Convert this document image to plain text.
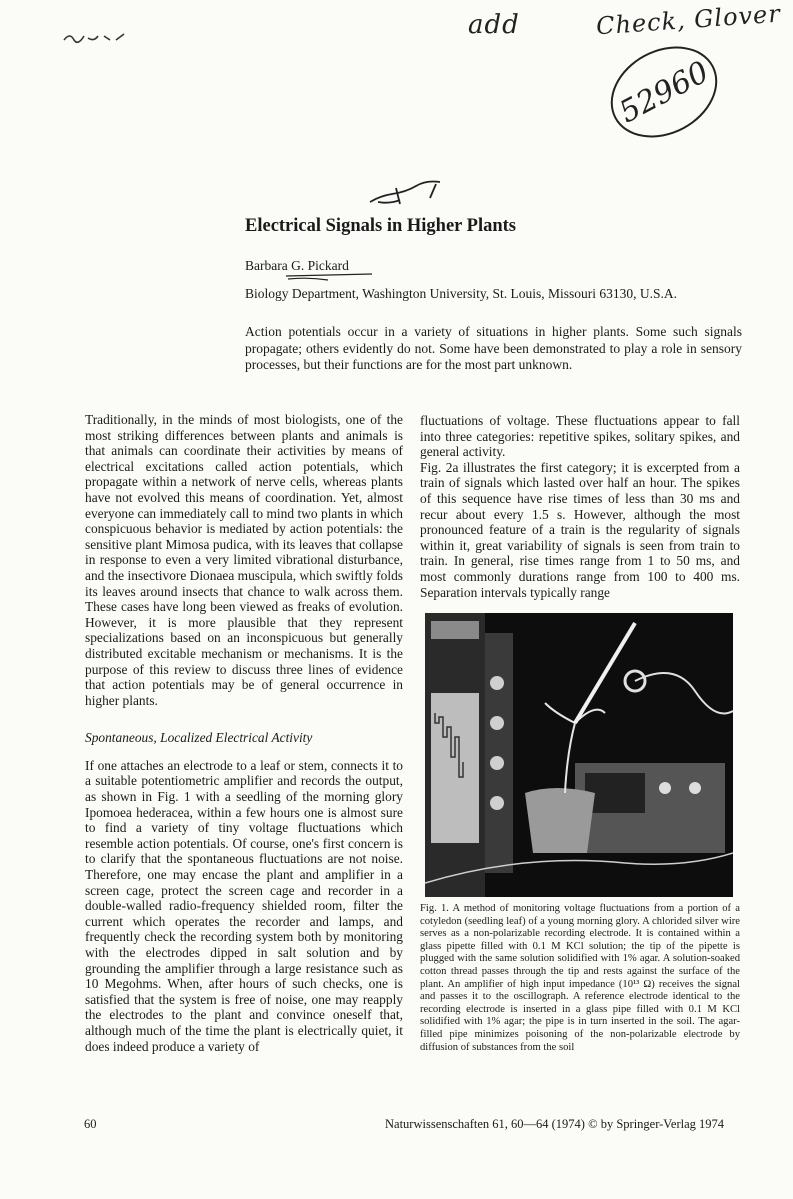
add	Check, Glover
52960
Electrical Signals in Higher Plants
Barbara G. Pickard
Biology Department, Washington University, St. Louis, Missouri 63130, U.S.A.
Action potentials occur in a variety of situations in higher plants. Some such signals propagate; others evidently do not. Some have been demonstrated to play a role in sensory processes, but their functions are for the most part unknown.

Traditionally, in the minds of most biologists, one of the most striking differences between plants and animals is that animals can coordinate their activities by means of electrical excitations called action potentials, which propagate within a network of nerve cells, whereas plants have not evolved this means of coordination. Yet, almost everyone can immediately call to mind two plants in which conspicuous behavior is mediated by action potentials: the sensitive plant Mimosa pudica, with its leaves that collapse in response to even a very limited vibrational disturbance, and the insectivore Dionaea muscipula, which swiftly folds its leaves around insects that chance to walk across them. These cases have long been viewed as freaks of evolution. However, it is more plausible that they represent specializations based on an inconspicuous but generally distributed excitable mechanism or mechanisms. It is the purpose of this review to discuss three lines of evidence that action potentials may be of general occurrence in higher plants.

Spontaneous, Localized Electrical Activity

If one attaches an electrode to a leaf or stem, connects it to a suitable potentiometric amplifier and records the output, as shown in Fig. 1 with a seedling of the morning glory Ipomoea hederacea, within a few hours one is almost sure to find a variety of tiny voltage fluctuations which resemble action potentials. Of course, one's first concern is to clarify that the spontaneous fluctuations are not noise. Therefore, one may encase the plant and amplifier in a screen cage, protect the screen cage and recorder in a double-walled radio-frequency shielded room, filter the current which operates the recorder and lamps, and frequently check the recording system both by monitoring with the electrodes dipped in salt solution and by grounding the amplifier through a large resistance such as 10 Megohms. When, after hours of such checks, one is satisfied that the system is free of noise, one may reapply the electrodes to the plant and convince oneself that, although much of the time the plant is electrically quiet, it does indeed produce a variety of

fluctuations of voltage. These fluctuations appear to fall into three categories: repetitive spikes, solitary spikes, and general activity.

Fig. 2a illustrates the first category; it is excerpted from a train of signals which lasted over half an hour. The spikes of this sequence have rise times of less than 30 ms and recur about every 1.5 s. However, although the most pronounced feature of a train is the regularity of signals within it, great variability of signals is seen from train to train. In general, rise times range from 1 to 50 ms, and most commonly durations range from 100 to 400 ms. Separation intervals typically range

Fig. 1. A method of monitoring voltage fluctuations from a portion of a cotyledon (seedling leaf) of a young morning glory. A chlorided silver wire serves as a non-polarizable recording electrode. It is contained within a glass pipette filled with 0.1 M KCl solution; the tip of the pipette is plugged with the same solution solidified with 1% agar. A solution-soaked cotton thread passes through the tip and rests against the surface of the plant. An amplifier of high input impedance (10¹³ Ω) receives the signal and passes it to the oscillograph. A reference electrode identical to the recording electrode is inserted in a glass pipe filled with 0.1 M KCl solidified with 1% agar; the pipe is in turn inserted in the soil. The agar-filled pipe minimizes poisoning of the non-polarizable electrode by diffusion of substances from the soil
60	Naturwissenschaften 61, 60—64 (1974) © by Springer-Verlag 1974
